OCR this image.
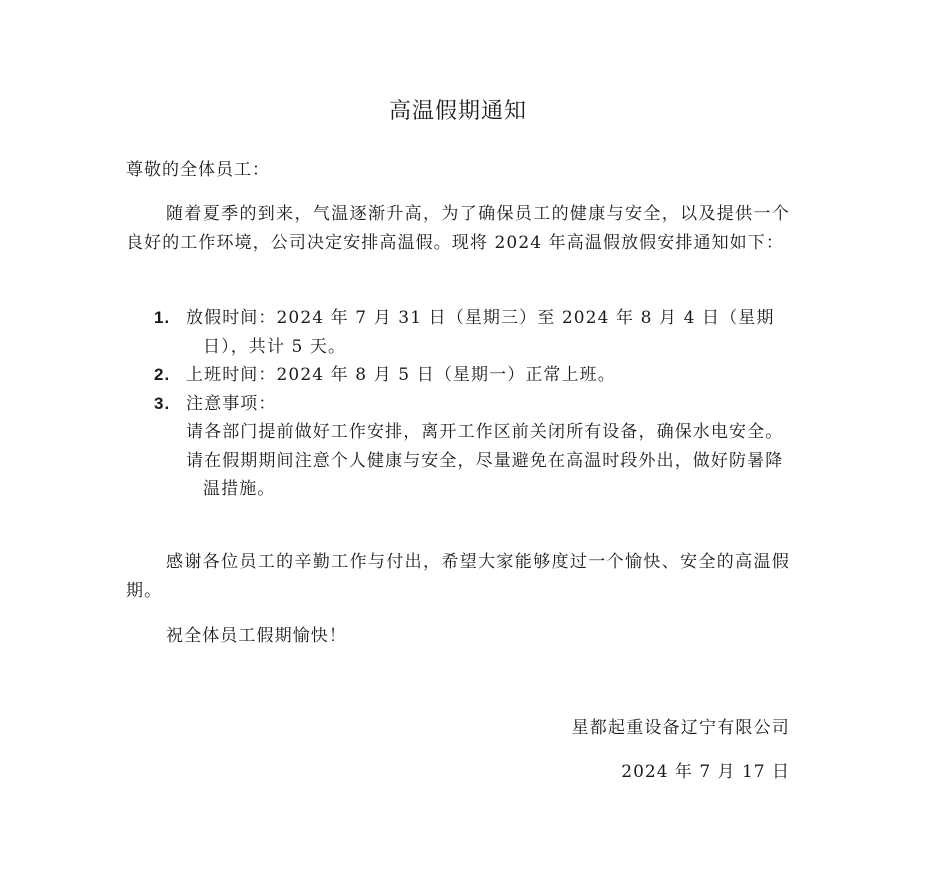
高温假期通知
尊敬的全体员工：

随着夏季的到来，气温逐渐升高，为了确保员工的健康与安全，以及提供一个良好的工作环境，公司决定安排高温假。现将 2024 年高温假放假安排通知如下：

1. 放假时间：2024 年 7 月 31 日（星期三）至 2024 年 8 月 4 日（星期日），共计 5 天。
2. 上班时间：2024 年 8 月 5 日（星期一）正常上班。
3. 注意事项：
请各部门提前做好工作安排，离开工作区前关闭所有设备，确保水电安全。
请在假期期间注意个人健康与安全，尽量避免在高温时段外出，做好防暑降温措施。

感谢各位员工的辛勤工作与付出，希望大家能够度过一个愉快、安全的高温假期。

祝全体员工假期愉快！

星都起重设备辽宁有限公司
2024 年 7 月 17 日
